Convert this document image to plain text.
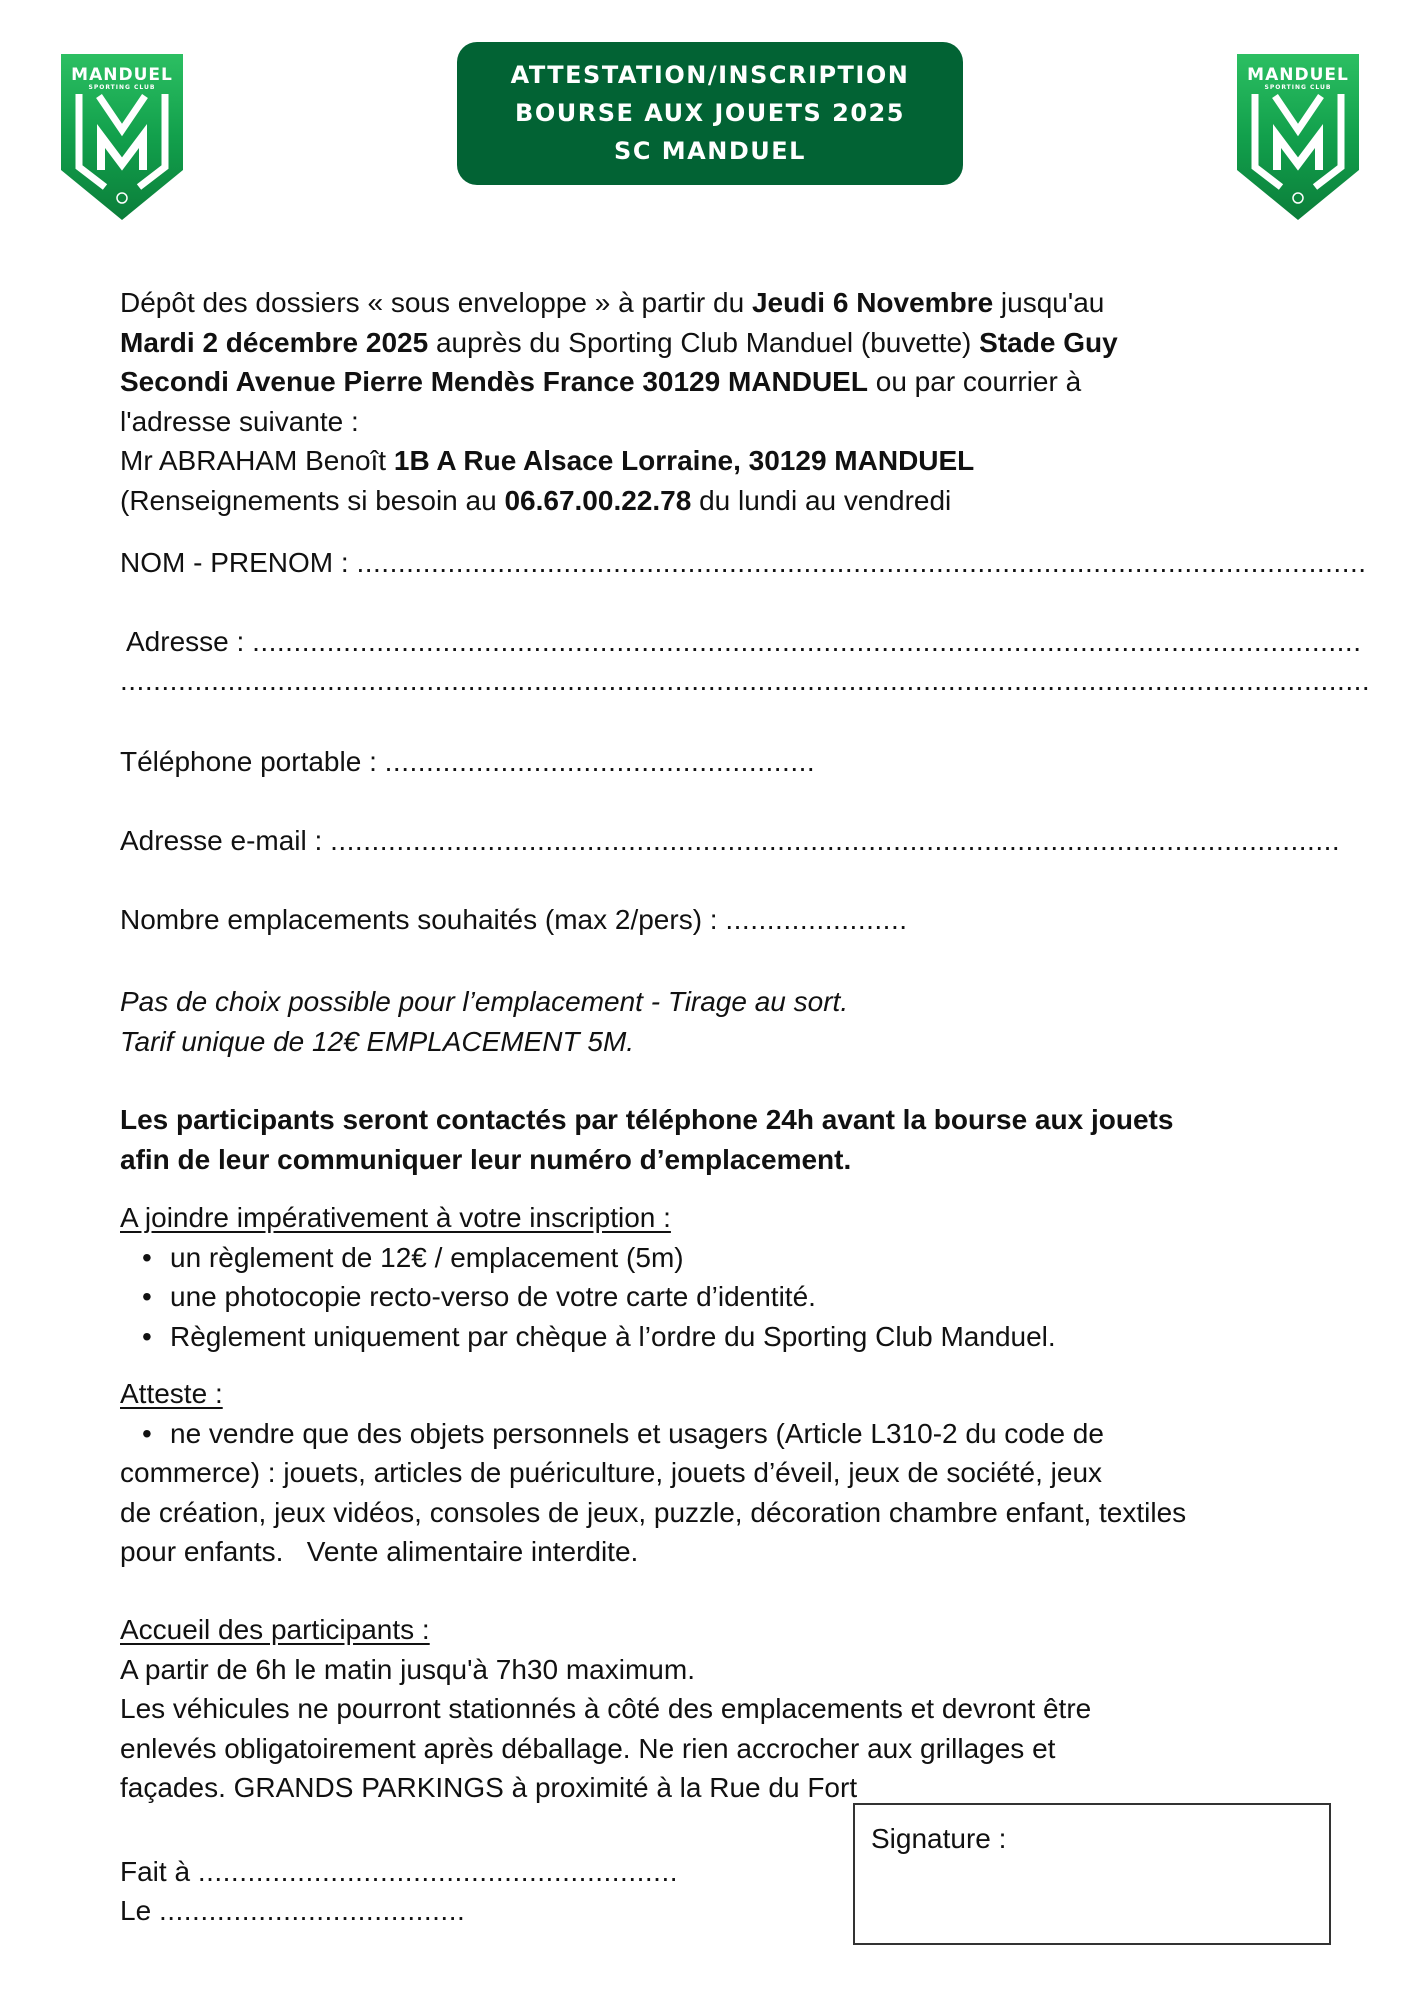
MANDUEL
SPORTING CLUB	ATTESTATION/INSCRIPTION
BOURSE AUX JOUETS 2025
SC MANDUEL
MANDUEL
SPORTING CLUB
Dépôt des dossiers « sous enveloppe » à partir du Jeudi 6 Novembre jusqu'au
Mardi 2 décembre 2025 auprès du Sporting Club Manduel (buvette) Stade Guy
Secondi Avenue Pierre Mendès France 30129 MANDUEL ou par courrier à
l'adresse suivante :
Mr ABRAHAM Benoît 1B A Rue Alsace Lorraine, 30129 MANDUEL
(Renseignements si besoin au 06.67.00.22.78 du lundi au vendredi
NOM - PRENOM : ..........................................................................................................................
Adresse : ......................................................................................................................................
.......................................................................................................................................................
Téléphone portable : ....................................................
Adresse e-mail : ..........................................................................................................................
Nombre emplacements souhaités (max 2/pers) : ......................
Pas de choix possible pour l’emplacement - Tirage au sort.
Tarif unique de 12€ EMPLACEMENT 5M.
Les participants seront contactés par téléphone 24h avant la bourse aux jouets
afin de leur communiquer leur numéro d’emplacement.
A joindre impérativement à votre inscription :
• un règlement de 12€ / emplacement (5m)
• une photocopie recto-verso de votre carte d’identité.
• Règlement uniquement par chèque à l’ordre du Sporting Club Manduel.
Atteste :
• ne vendre que des objets personnels et usagers (Article L310-2 du code de
commerce) : jouets, articles de puériculture, jouets d’éveil, jeux de société, jeux
de création, jeux vidéos, consoles de jeux, puzzle, décoration chambre enfant, textiles
pour enfants.   Vente alimentaire interdite.
Accueil des participants :
A partir de 6h le matin jusqu'à 7h30 maximum.
Les véhicules ne pourront stationnés à côté des emplacements et devront être
enlevés obligatoirement après déballage. Ne rien accrocher aux grillages et
façades. GRANDS PARKINGS à proximité à la Rue du Fort
Fait à ..........................................................
Le .....................................
Signature :
